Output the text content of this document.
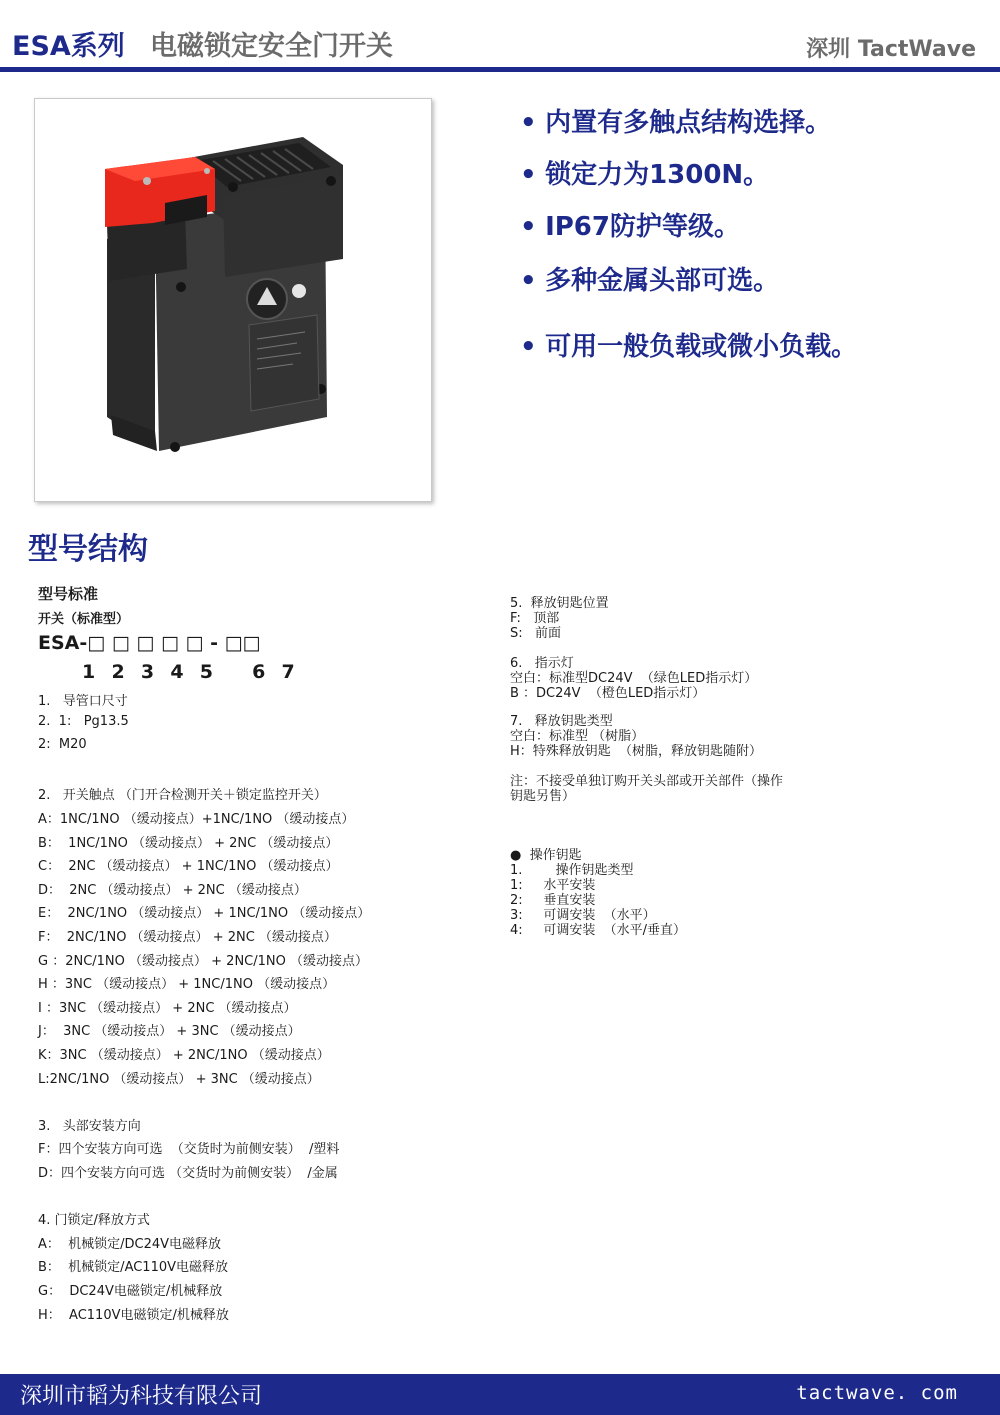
ESA系列 电磁锁定安全门开关	深圳 TactWave
• 内置有多触点结构选择。
• 锁定力为1300N。
• IP67防护等级。
• 多种金属头部可选。
• 可用一般负载或微小负载。
型号结构
型号标准
开关（标准型）
ESA-□ □ □ □ □ - □□
1  2  3  4  5     6  7
1.   导管口尺寸
2.  1:   Pg13.5
2:  M20
2.   开关触点 （门开合检测开关＋锁定监控开关）
A：1NC/1NO （缓动接点）+1NC/1NO （缓动接点）
B：  1NC/1NO （缓动接点） + 2NC （缓动接点）
C：  2NC （缓动接点） + 1NC/1NO （缓动接点）
D：  2NC （缓动接点） + 2NC （缓动接点）
E：  2NC/1NO （缓动接点） + 1NC/1NO （缓动接点）
F：  2NC/1NO （缓动接点） + 2NC （缓动接点）
G ：2NC/1NO （缓动接点） + 2NC/1NO （缓动接点）
H ：3NC （缓动接点） + 1NC/1NO （缓动接点）
I ：3NC （缓动接点） + 2NC （缓动接点）
J：  3NC （缓动接点） + 3NC （缓动接点）
K：3NC （缓动接点） + 2NC/1NO （缓动接点）
L:2NC/1NO （缓动接点） + 3NC （缓动接点）
3.   头部安装方向
F：四个安装方向可选  （交货时为前侧安装）  /塑料
D：四个安装方向可选 （交货时为前侧安装）  /金属
4. 门锁定/释放方式
A：  机械锁定/DC24V电磁释放
B：  机械锁定/AC110V电磁释放
G：  DC24V电磁锁定/机械释放
H：  AC110V电磁锁定/机械释放
5.  释放钥匙位置
F:   顶部
S:   前面
6.   指示灯
空白：标准型DC24V  （绿色LED指示灯）
B ：DC24V  （橙色LED指示灯）
7.   释放钥匙类型
空白：标准型 （树脂）
H：特殊释放钥匙  （树脂，释放钥匙随附）
注：不接受单独订购开关头部或开关部件（操作
钥匙另售）
●  操作钥匙
1.        操作钥匙类型
1:     水平安装
2:     垂直安装
3:     可调安装  （水平）
4:     可调安装  （水平/垂直）
深圳市韬为科技有限公司	tactwave. com
